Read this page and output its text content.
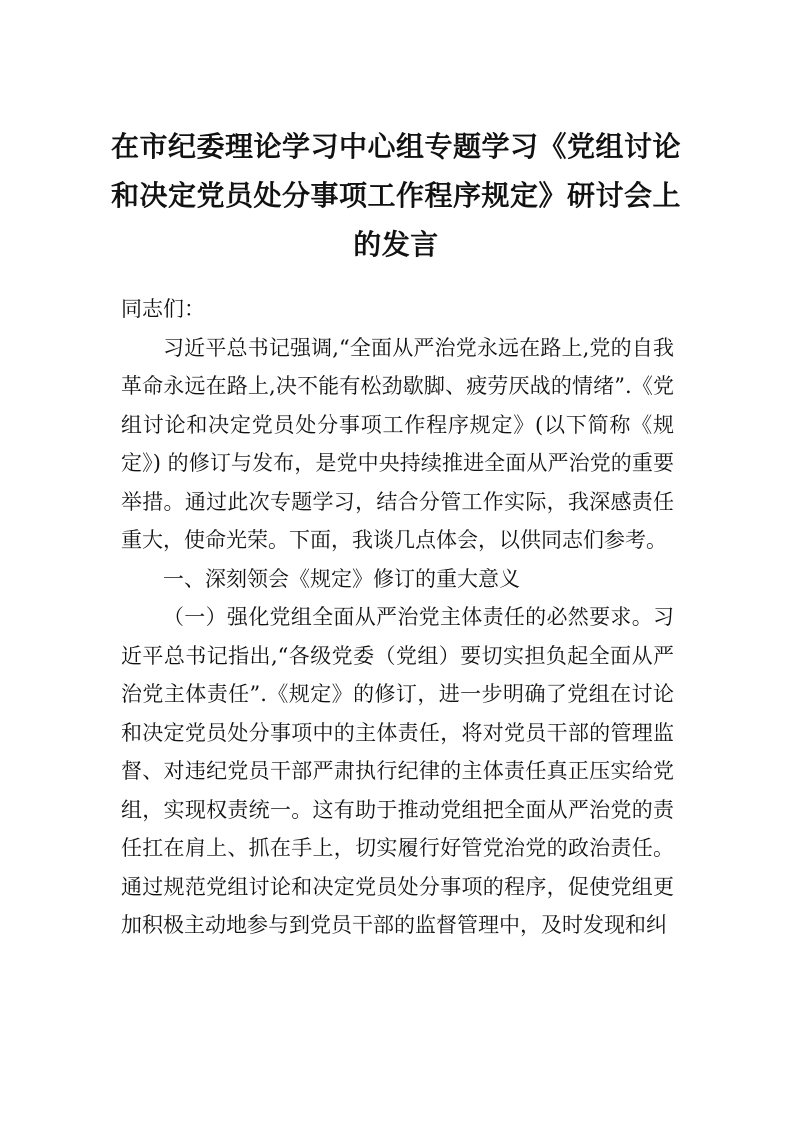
在市纪委理论学习中心组专题学习《党组讨论和决定党员处分事项工作程序规定》研讨会上的发言

同志们：

习近平总书记强调,“全面从严治党永远在路上,党的自我革命永远在路上,决不能有松劲歇脚、疲劳厌战的情绪”.《党组讨论和决定党员处分事项工作程序规定》(以下简称《规定》) 的修订与发布，是党中央持续推进全面从严治党的重要举措。通过此次专题学习，结合分管工作实际，我深感责任重大，使命光荣。下面，我谈几点体会，以供同志们参考。

一、深刻领会《规定》修订的重大意义

（一）强化党组全面从严治党主体责任的必然要求。习近平总书记指出,“各级党委（党组）要切实担负起全面从严治党主体责任”.《规定》的修订，进一步明确了党组在讨论和决定党员处分事项中的主体责任，将对党员干部的管理监督、对违纪党员干部严肃执行纪律的主体责任真正压实给党组，实现权责统一。这有助于推动党组把全面从严治党的责任扛在肩上、抓在手上，切实履行好管党治党的政治责任。通过规范党组讨论和决定党员处分事项的程序，促使党组更加积极主动地参与到党员干部的监督管理中，及时发现和纠
